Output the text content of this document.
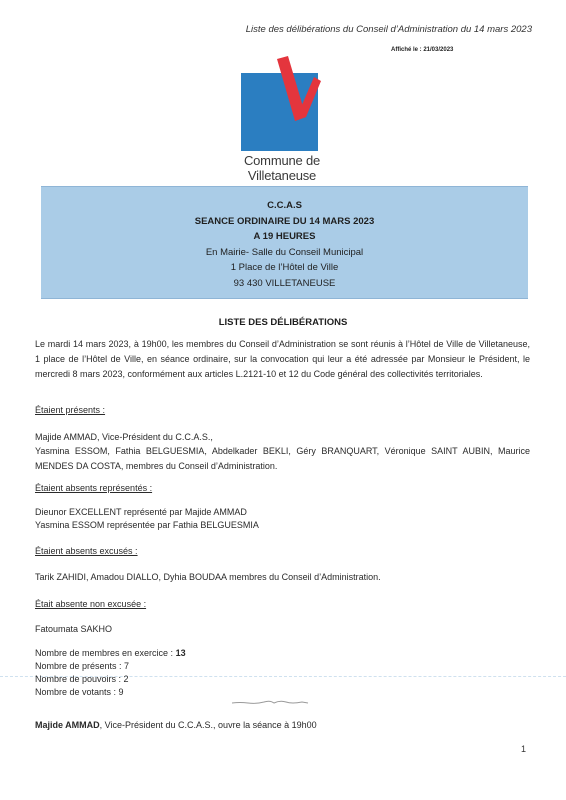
Liste des délibérations du Conseil d’Administration du 14 mars 2023
Affiché le : 21/03/2023
Commune de
Villetaneuse
C.C.A.S
SEANCE ORDINAIRE DU 14 MARS 2023
A 19 HEURES
En Mairie- Salle du Conseil Municipal
1 Place de l’Hôtel de Ville
93 430 VILLETANEUSE
LISTE DES DÉLIBÉRATIONS
Le mardi 14 mars 2023, à 19h00, les membres du Conseil d’Administration se sont réunis à l’Hôtel de Ville de Villetaneuse, 1 place de l’Hôtel de Ville, en séance ordinaire, sur la convocation qui leur a été adressée par Monsieur le Président, le mercredi 8 mars 2023, conformément aux articles L.2121-10 et 12 du Code général des collectivités territoriales.
Étaient présents :
Majide AMMAD, Vice-Président du C.C.A.S.,
Yasmina ESSOM, Fathia BELGUESMIA, Abdelkader BEKLI, Géry BRANQUART, Véronique SAINT AUBIN, Maurice MENDES DA COSTA, membres du Conseil d’Administration.
Étaient absents représentés :
Dieunor EXCELLENT représenté par Majide AMMAD
Yasmina ESSOM représentée par Fathia BELGUESMIA
Étaient absents excusés :
Tarik ZAHIDI, Amadou DIALLO, Dyhia BOUDAA membres du Conseil d’Administration.
Était absente non excusée :
Fatoumata SAKHO
Nombre de membres en exercice : 13
Nombre de présents : 7
Nombre de pouvoirs : 2
Nombre de votants : 9
Majide AMMAD, Vice-Président du C.C.A.S., ouvre la séance à 19h00
1
